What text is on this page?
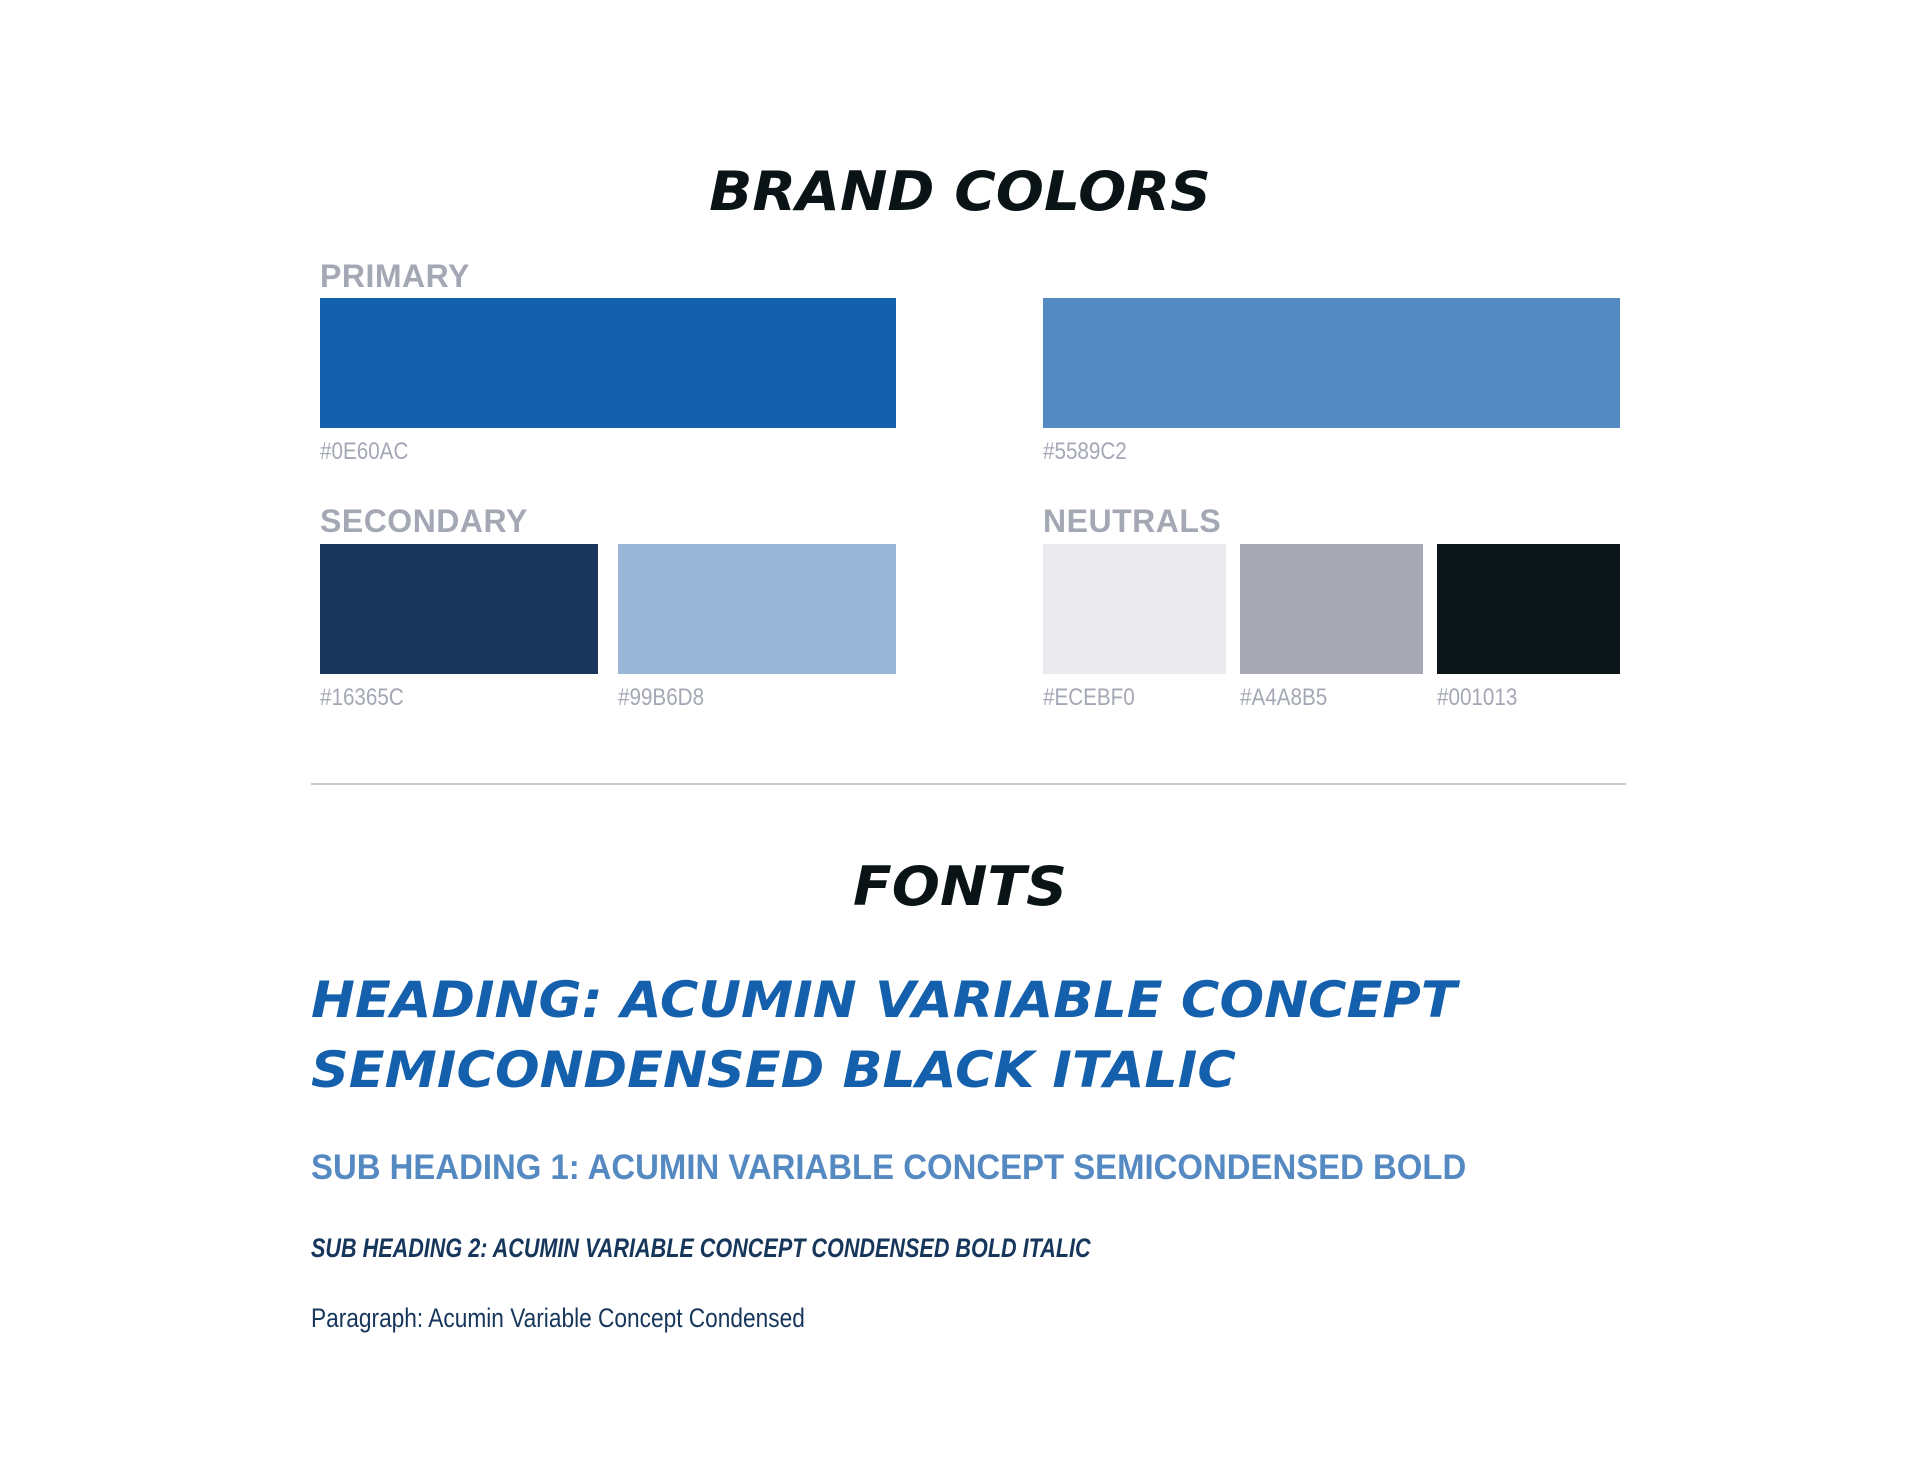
BRAND COLORS
PRIMARY
#0E60AC	#5589C2
SECONDARY
#16365C	#99B6D8
NEUTRALS
#ECEBF0	#A4A8B5	#001013
FONTS
HEADING: ACUMIN VARIABLE CONCEPT
SEMICONDENSED BLACK ITALIC
SUB HEADING 1: ACUMIN VARIABLE CONCEPT SEMICONDENSED BOLD
SUB HEADING 2: ACUMIN VARIABLE CONCEPT CONDENSED BOLD ITALIC
Paragraph: Acumin Variable Concept Condensed
